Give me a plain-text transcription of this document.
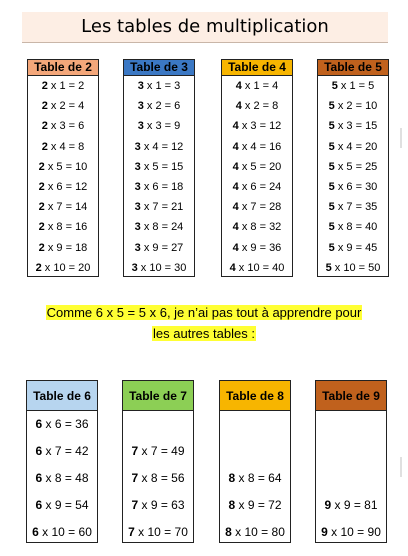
Les tables de multiplication
Table de 2
2 x 1 = 2
2 x 2 = 4
2 x 3 = 6
2 x 4 = 8
2 x 5 = 10
2 x 6 = 12
2 x 7 = 14
2 x 8 = 16
2 x 9 = 18
2 x 10 = 20
Table de 3
3 x 1 = 3
3 x 2 = 6
3 x 3 = 9
3 x 4 = 12
3 x 5 = 15
3 x 6 = 18
3 x 7 = 21
3 x 8 = 24
3 x 9 = 27
3 x 10 = 30
Table de 4
4 x 1 = 4
4 x 2 = 8
4 x 3 = 12
4 x 4 = 16
4 x 5 = 20
4 x 6 = 24
4 x 7 = 28
4 x 8 = 32
4 x 9 = 36
4 x 10 = 40
Table de 5
5 x 1 = 5
5 x 2 = 10
5 x 3 = 15
5 x 4 = 20
5 x 5 = 25
5 x 6 = 30
5 x 7 = 35
5 x 8 = 40
5 x 9 = 45
5 x 10 = 50
Comme 6 x 5 = 5 x 6, je n’ai pas tout à apprendre pour
les autres tables :
Table de 6
6 x 6 = 36
6 x 7 = 42
6 x 8 = 48
6 x 9 = 54
6 x 10 = 60
Table de 7
7 x 7 = 49
7 x 8 = 56
7 x 9 = 63
7 x 10 = 70
Table de 8
8 x 8 = 64
8 x 9 = 72
8 x 10 = 80
Table de 9
9 x 9 = 81
9 x 10 = 90
